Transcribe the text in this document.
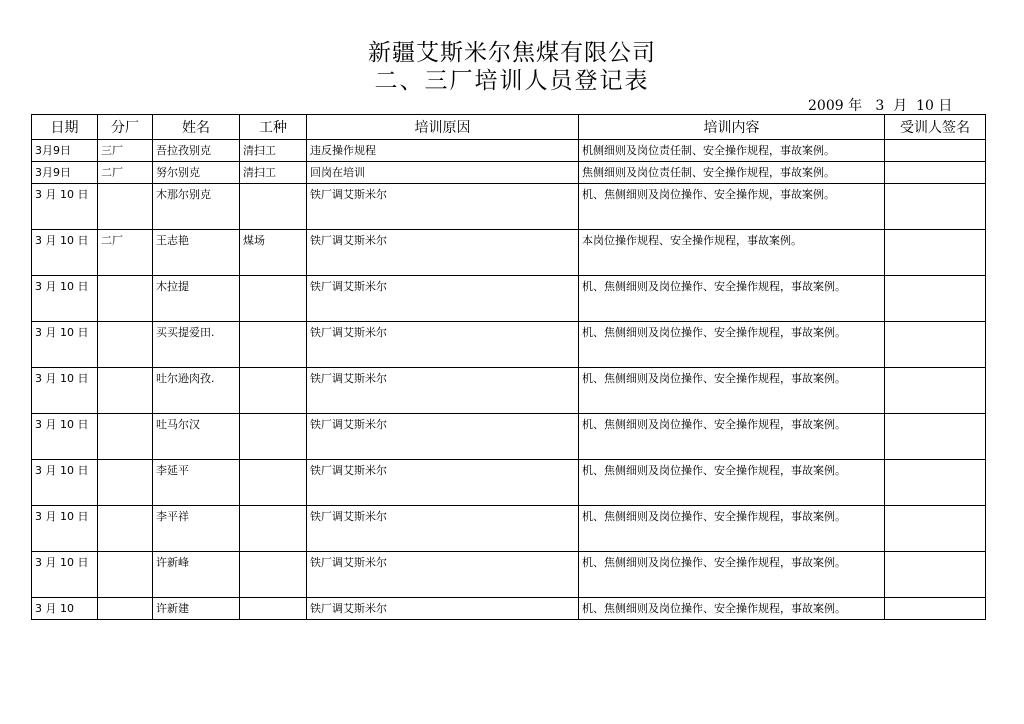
新疆艾斯米尔焦煤有限公司
二、三厂培训人员登记表
2009 年   3  月  10 日
日期	分厂	姓名	工种	培训原因	培训内容	受训人签名
3月9日	三厂	吾拉孜别克	清扫工	违反操作规程	机侧细则及岗位责任制、安全操作规程，事故案例。	
3月9日	二厂	努尔别克	清扫工	回岗在培训	焦侧细则及岗位责任制、安全操作规程，事故案例。	
3 月 10 日		木那尔别克		铁厂调艾斯米尔	机、焦侧细则及岗位操作、安全操作规，事故案例。	
3 月 10 日	二厂	王志艳	煤场	铁厂调艾斯米尔	本岗位操作规程、安全操作规程，事故案例。	
3 月 10 日		木拉提		铁厂调艾斯米尔	机、焦侧细则及岗位操作、安全操作规程，事故案例。	
3 月 10 日		买买提爱田.		铁厂调艾斯米尔	机、焦侧细则及岗位操作、安全操作规程，事故案例。	
3 月 10 日		吐尔逊肉孜.		铁厂调艾斯米尔	机、焦侧细则及岗位操作、安全操作规程，事故案例。	
3 月 10 日		吐马尔汉		铁厂调艾斯米尔	机、焦侧细则及岗位操作、安全操作规程，事故案例。	
3 月 10 日		李延平		铁厂调艾斯米尔	机、焦侧细则及岗位操作、安全操作规程，事故案例。	
3 月 10 日		李平祥		铁厂调艾斯米尔	机、焦侧细则及岗位操作、安全操作规程，事故案例。	
3 月 10 日		许新峰		铁厂调艾斯米尔	机、焦侧细则及岗位操作、安全操作规程，事故案例。	
3 月 10		许新建		铁厂调艾斯米尔	机、焦侧细则及岗位操作、安全操作规程，事故案例。	
